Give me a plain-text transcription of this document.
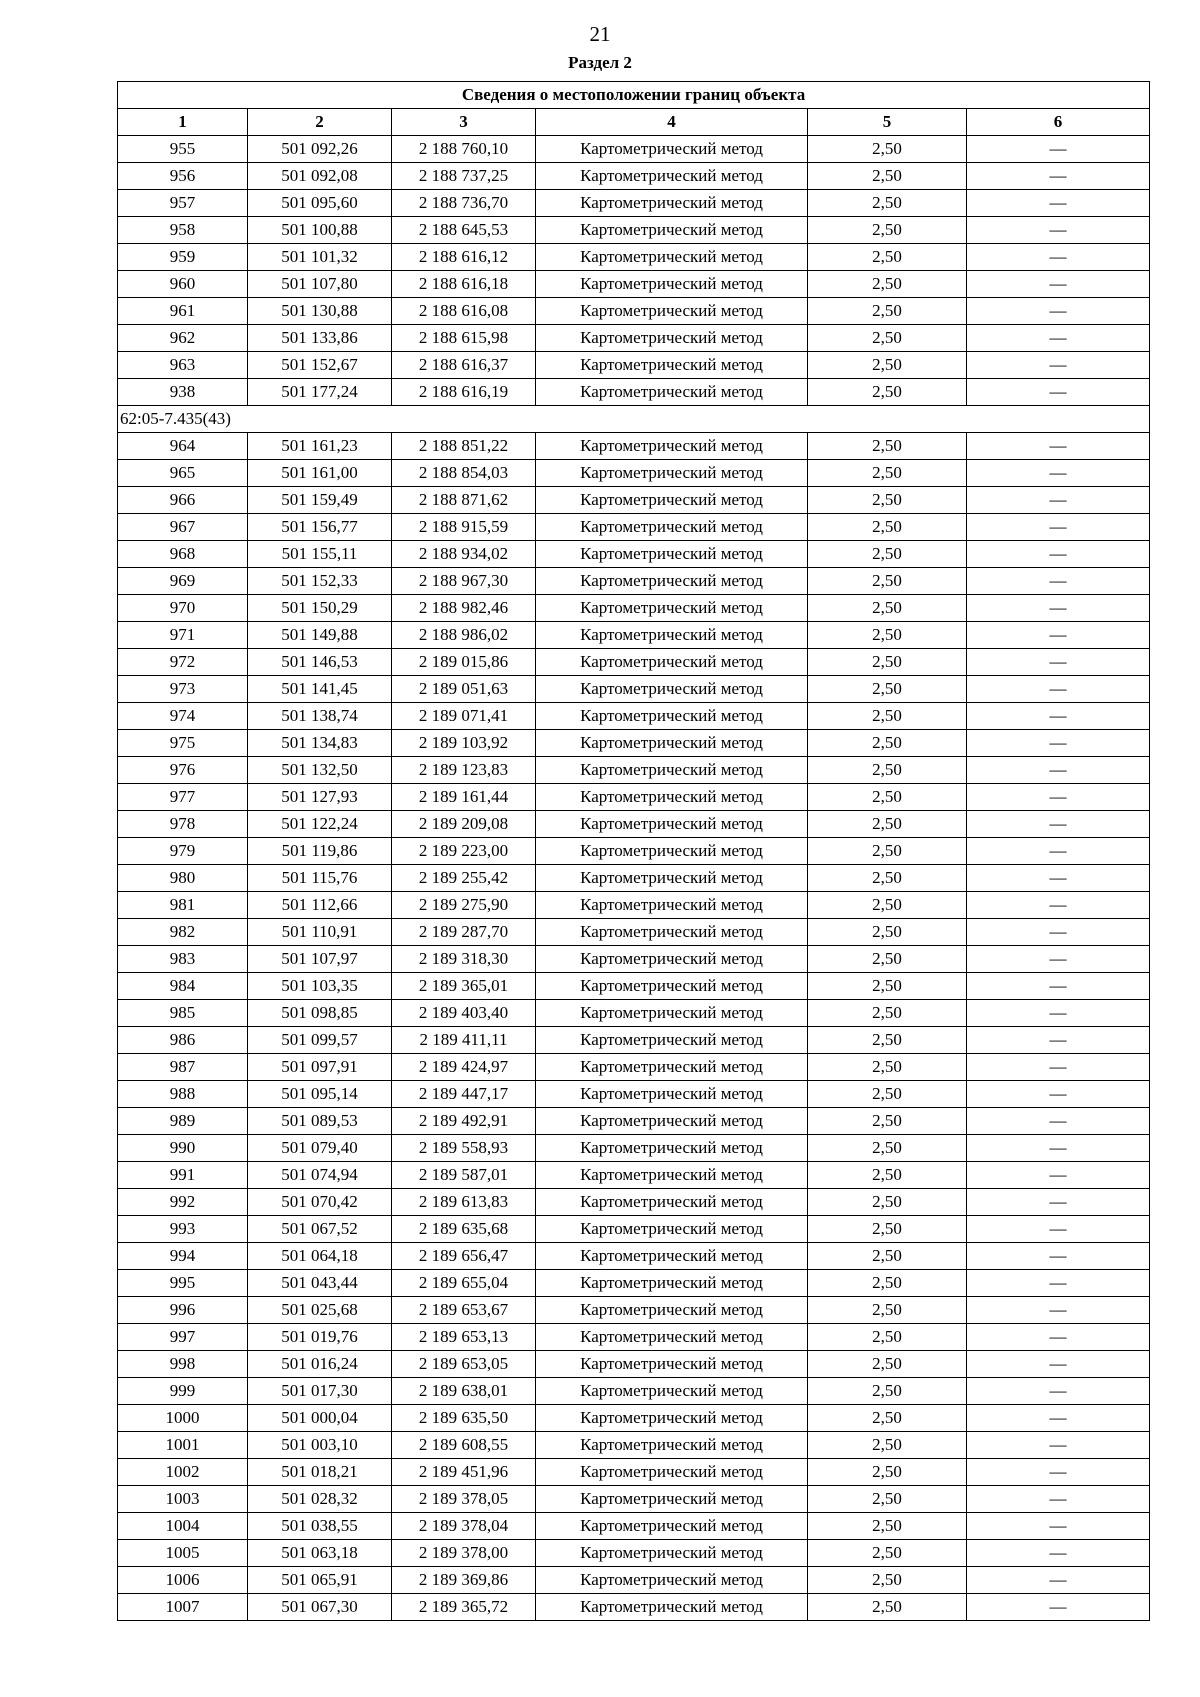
21
Раздел 2
Сведения о местоположении границ объекта					
1	2	3	4	5	6
955	501 092,26	2 188 760,10	Картометрический метод	2,50	—
956	501 092,08	2 188 737,25	Картометрический метод	2,50	—
957	501 095,60	2 188 736,70	Картометрический метод	2,50	—
958	501 100,88	2 188 645,53	Картометрический метод	2,50	—
959	501 101,32	2 188 616,12	Картометрический метод	2,50	—
960	501 107,80	2 188 616,18	Картометрический метод	2,50	—
961	501 130,88	2 188 616,08	Картометрический метод	2,50	—
962	501 133,86	2 188 615,98	Картометрический метод	2,50	—
963	501 152,67	2 188 616,37	Картометрический метод	2,50	—
938	501 177,24	2 188 616,19	Картометрический метод	2,50	—
62:05-7.435(43)					
964	501 161,23	2 188 851,22	Картометрический метод	2,50	—
965	501 161,00	2 188 854,03	Картометрический метод	2,50	—
966	501 159,49	2 188 871,62	Картометрический метод	2,50	—
967	501 156,77	2 188 915,59	Картометрический метод	2,50	—
968	501 155,11	2 188 934,02	Картометрический метод	2,50	—
969	501 152,33	2 188 967,30	Картометрический метод	2,50	—
970	501 150,29	2 188 982,46	Картометрический метод	2,50	—
971	501 149,88	2 188 986,02	Картометрический метод	2,50	—
972	501 146,53	2 189 015,86	Картометрический метод	2,50	—
973	501 141,45	2 189 051,63	Картометрический метод	2,50	—
974	501 138,74	2 189 071,41	Картометрический метод	2,50	—
975	501 134,83	2 189 103,92	Картометрический метод	2,50	—
976	501 132,50	2 189 123,83	Картометрический метод	2,50	—
977	501 127,93	2 189 161,44	Картометрический метод	2,50	—
978	501 122,24	2 189 209,08	Картометрический метод	2,50	—
979	501 119,86	2 189 223,00	Картометрический метод	2,50	—
980	501 115,76	2 189 255,42	Картометрический метод	2,50	—
981	501 112,66	2 189 275,90	Картометрический метод	2,50	—
982	501 110,91	2 189 287,70	Картометрический метод	2,50	—
983	501 107,97	2 189 318,30	Картометрический метод	2,50	—
984	501 103,35	2 189 365,01	Картометрический метод	2,50	—
985	501 098,85	2 189 403,40	Картометрический метод	2,50	—
986	501 099,57	2 189 411,11	Картометрический метод	2,50	—
987	501 097,91	2 189 424,97	Картометрический метод	2,50	—
988	501 095,14	2 189 447,17	Картометрический метод	2,50	—
989	501 089,53	2 189 492,91	Картометрический метод	2,50	—
990	501 079,40	2 189 558,93	Картометрический метод	2,50	—
991	501 074,94	2 189 587,01	Картометрический метод	2,50	—
992	501 070,42	2 189 613,83	Картометрический метод	2,50	—
993	501 067,52	2 189 635,68	Картометрический метод	2,50	—
994	501 064,18	2 189 656,47	Картометрический метод	2,50	—
995	501 043,44	2 189 655,04	Картометрический метод	2,50	—
996	501 025,68	2 189 653,67	Картометрический метод	2,50	—
997	501 019,76	2 189 653,13	Картометрический метод	2,50	—
998	501 016,24	2 189 653,05	Картометрический метод	2,50	—
999	501 017,30	2 189 638,01	Картометрический метод	2,50	—
1000	501 000,04	2 189 635,50	Картометрический метод	2,50	—
1001	501 003,10	2 189 608,55	Картометрический метод	2,50	—
1002	501 018,21	2 189 451,96	Картометрический метод	2,50	—
1003	501 028,32	2 189 378,05	Картометрический метод	2,50	—
1004	501 038,55	2 189 378,04	Картометрический метод	2,50	—
1005	501 063,18	2 189 378,00	Картометрический метод	2,50	—
1006	501 065,91	2 189 369,86	Картометрический метод	2,50	—
1007	501 067,30	2 189 365,72	Картометрический метод	2,50	—
